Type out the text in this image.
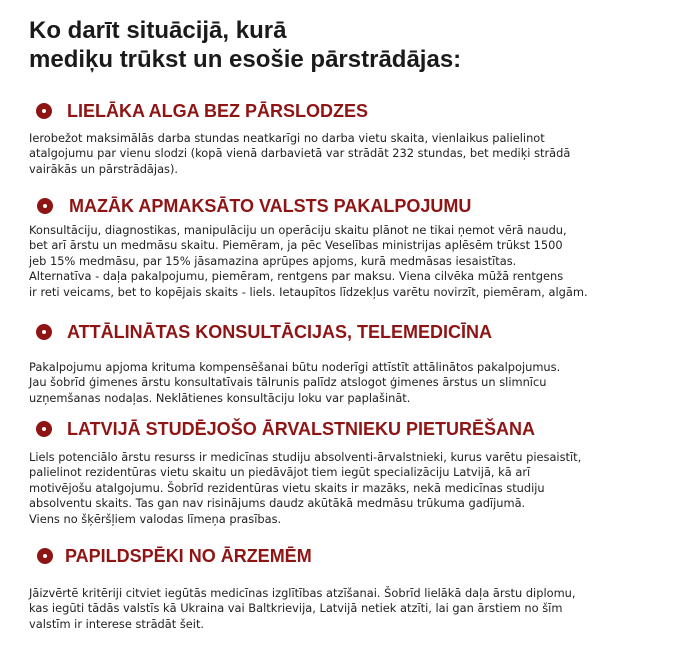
Ko darīt situācijā, kurā
mediķu trūkst un esošie pārstrādājas:
LIELĀKA ALGA BEZ PĀRSLODZES
Ierobežot maksimālās darba stundas neatkarīgi no darba vietu skaita, vienlaikus palielinot
atalgojumu par vienu slodzi (kopā vienā darbavietā var strādāt 232 stundas, bet mediķi strādā
vairākās un pārstrādājas).
MAZĀK APMAKSĀTO VALSTS PAKALPOJUMU
Konsultāciju, diagnostikas, manipulāciju un operāciju skaitu plānot ne tikai ņemot vērā naudu,
bet arī ārstu un medmāsu skaitu. Piemēram, ja pēc Veselības ministrijas aplēsēm trūkst 1500
jeb 15% medmāsu, par 15% jāsamazina aprūpes apjoms, kurā medmāsas iesaistītas.
Alternatīva - daļa pakalpojumu, piemēram, rentgens par maksu. Viena cilvēka mūžā rentgens
ir reti veicams, bet to kopējais skaits - liels. Ietaupītos līdzekļus varētu novirzīt, piemēram, algām.
ATTĀLINĀTAS KONSULTĀCIJAS, TELEMEDICĪNA
Pakalpojumu apjoma krituma kompensēšanai būtu noderīgi attīstīt attālinātos pakalpojumus.
Jau šobrīd ģimenes ārstu konsultatīvais tālrunis palīdz atslogot ģimenes ārstus un slimnīcu
uzņemšanas nodaļas. Neklātienes konsultāciju loku var paplašināt.
LATVIJĀ STUDĒJOŠO ĀRVALSTNIEKU PIETURĒŠANA
Liels potenciālo ārstu resurss ir medicīnas studiju absolventi-ārvalstnieki, kurus varētu piesaistīt,
palielinot rezidentūras vietu skaitu un piedāvājot tiem iegūt specializāciju Latvijā, kā arī
motivējošu atalgojumu. Šobrīd rezidentūras vietu skaits ir mazāks, nekā medicīnas studiju
absolventu skaits. Tas gan nav risinājums daudz akūtākā medmāsu trūkuma gadījumā.
Viens no šķēršļiem valodas līmeņa prasības.
PAPILDSPĒKI NO ĀRZEMĒM
Jāizvērtē kritēriji citviet iegūtās medicīnas izglītības atzīšanai. Šobrīd lielākā daļa ārstu diplomu,
kas iegūti tādās valstīs kā Ukraina vai Baltkrievija, Latvijā netiek atzīti, lai gan ārstiem no šīm
valstīm ir interese strādāt šeit.
